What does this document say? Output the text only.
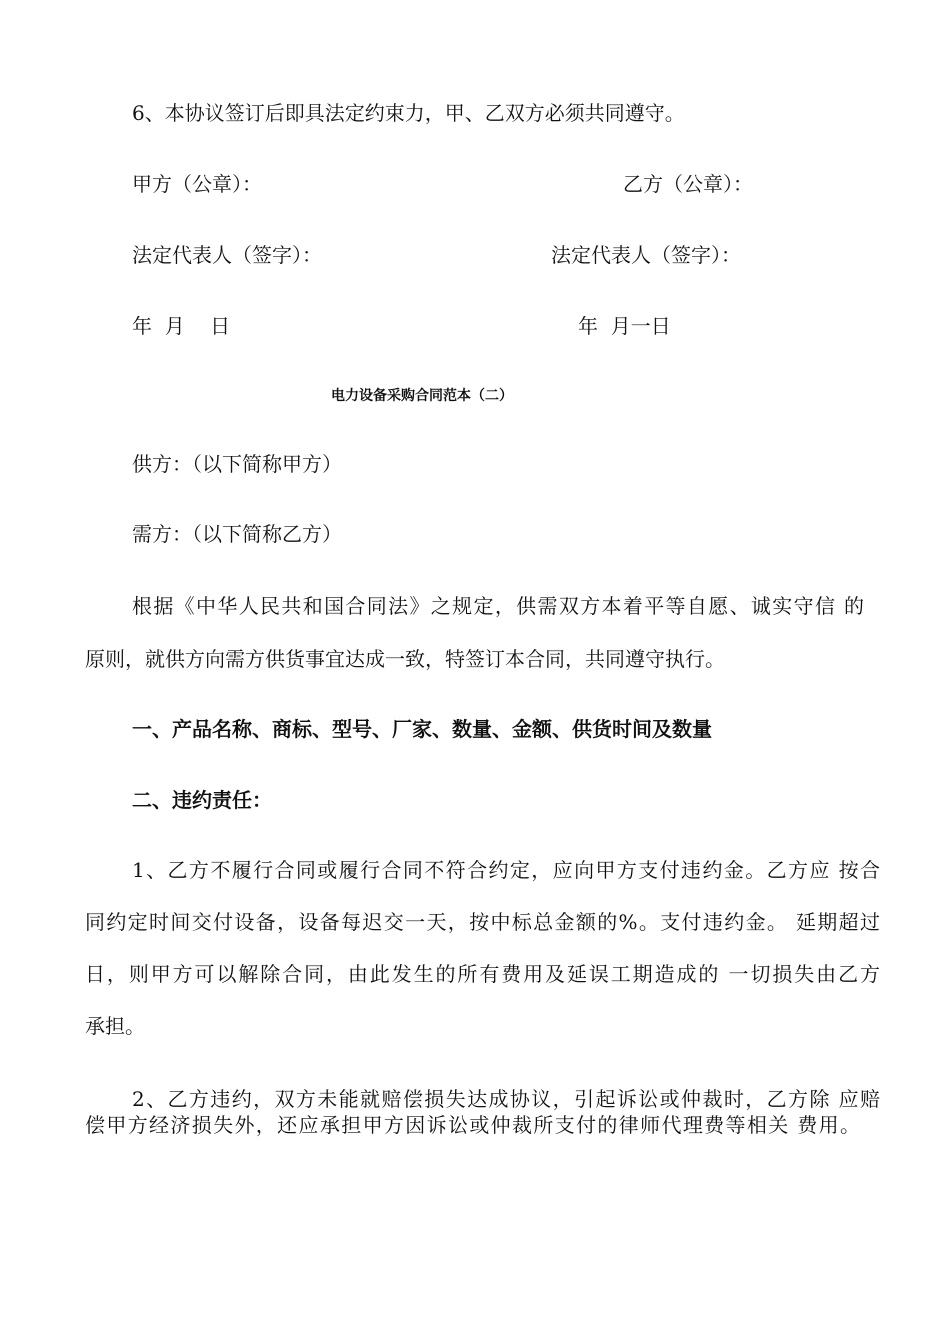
6、本协议签订后即具法定约束力，甲、乙双方必须共同遵守。
甲方（公章）：	乙方（公章）：
法定代表人（签字）：	法定代表人（签字）：
年  月    日	年  月一日
电力设备采购合同范本（二）
供方：（以下简称甲方）
需方：（以下简称乙方）
根据《中华人民共和国合同法》之规定，供需双方本着平等自愿、诚实守信 的
原则，就供方向需方供货事宜达成一致，特签订本合同，共同遵守执行。
一、产品名称、商标、型号、厂家、数量、金额、供货时间及数量
二、违约责任：
1、乙方不履行合同或履行合同不符合约定，应向甲方支付违约金。乙方应 按合
同约定时间交付设备，设备每迟交一天，按中标总金额的%。支付违约金。 延期超过
日，则甲方可以解除合同，由此发生的所有费用及延误工期造成的 一切损失由乙方
承担。
2、乙方违约，双方未能就赔偿损失达成协议，引起诉讼或仲裁时，乙方除 应赔
偿甲方经济损失外，还应承担甲方因诉讼或仲裁所支付的律师代理费等相关 费用。
